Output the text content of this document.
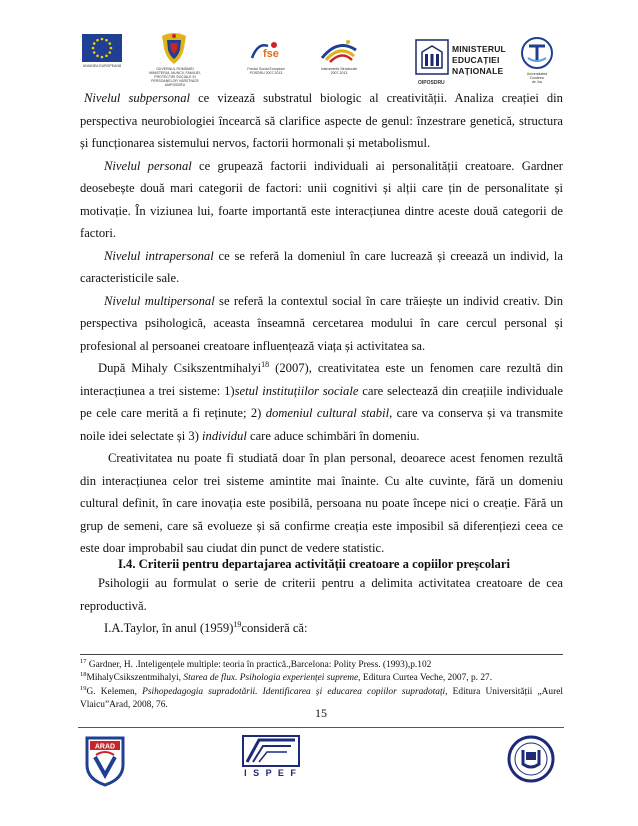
UNIUNEA EUROPEANĂ
GUVERNUL ROMÂNIEI
MINISTERUL MUNCII, FAMILIEI,
PROTECȚIEI SOCIALE ȘI
PERSOANELOR VÂRSTNICE
AMPOSDRU
fse
Fondul Social European
POSDRU 2007-2013
Instrumente Structurale
2007-2013
OIPOSDRU
MINISTERUL
EDUCAȚIEI
NAȚIONALE	Universitatea
Dunărea
de Jos

Nivelul subpersonal ce vizează substratul biologic al creativității. Analiza creației din perspectiva neurobiologiei încearcă să clarifice aspecte de genul: înzestrare genetică, structura și funcționarea sistemului nervos, factorii hormonali și metabolismul.

Nivelul personal ce grupează factorii individuali ai personalității creatoare. Gardner deosebește două mari categorii de factori: unii cognitivi și alții care țin de personalitate și motivație. În viziunea lui, foarte importantă este interacțiunea dintre aceste două categorii de factori.

Nivelul intrapersonal ce se referă la domeniul în care lucrează și creează un individ, la caracteristicile sale.

Nivelul multipersonal se referă la contextul social în care trăiește un individ creativ. Din perspectiva psihologică, aceasta înseamnă cercetarea modului în care cercul personal și profesional al persoanei creatoare influențează viața și activitatea sa.

După Mihaly Csikszentmihalyi$^{18}$ (2007), creativitatea este un fenomen care rezultă din interacțiunea a trei sisteme: 1)setul instituțiilor sociale care selectează din creațiile individuale pe cele care merită a fi reținute; 2) domeniul cultural stabil, care va conserva și va transmite noile idei selectate și 3) individul care aduce schimbări în domeniu.

Creativitatea nu poate fi studiată doar în plan personal, deoarece acest fenomen rezultă din interacțiunea celor trei sisteme amintite mai înainte. Cu alte cuvinte, fără un domeniu cultural definit, în care inovația este posibilă, persoana nu poate începe nici o creație. Fără un grup de semeni, care să evolueze și să confirme creația este imposibil să diferențiezi ceea ce este doar improbabil sau ciudat din punct de vedere statistic.

I.4. Criterii pentru departajarea activității creatoare a copiilor preșcolari

Psihologii au formulat o serie de criterii pentru a delimita activitatea creatoare de cea reproductivă.

I.A.Taylor, în anul $(1959)^{19}consideră$ că:

$^{17}$ Gardner, H. .Inteligențele multiple: teoria în practică.,Barcelona: Polity Press. (1993),p.102

$^{18}$MihalyCsikszentmihalyi, Starea de flux. Psihologia experienței supreme, Editura Curtea Veche, 2007, p. 27.

$^{19}$G. Kelemen, Psihopedagogia supradotării. Identificarea și educarea copiilor supradotați, Editura Universității „Aurel Vlaicu”Arad, 2008, 76.

15
ARAD
I S P E F
